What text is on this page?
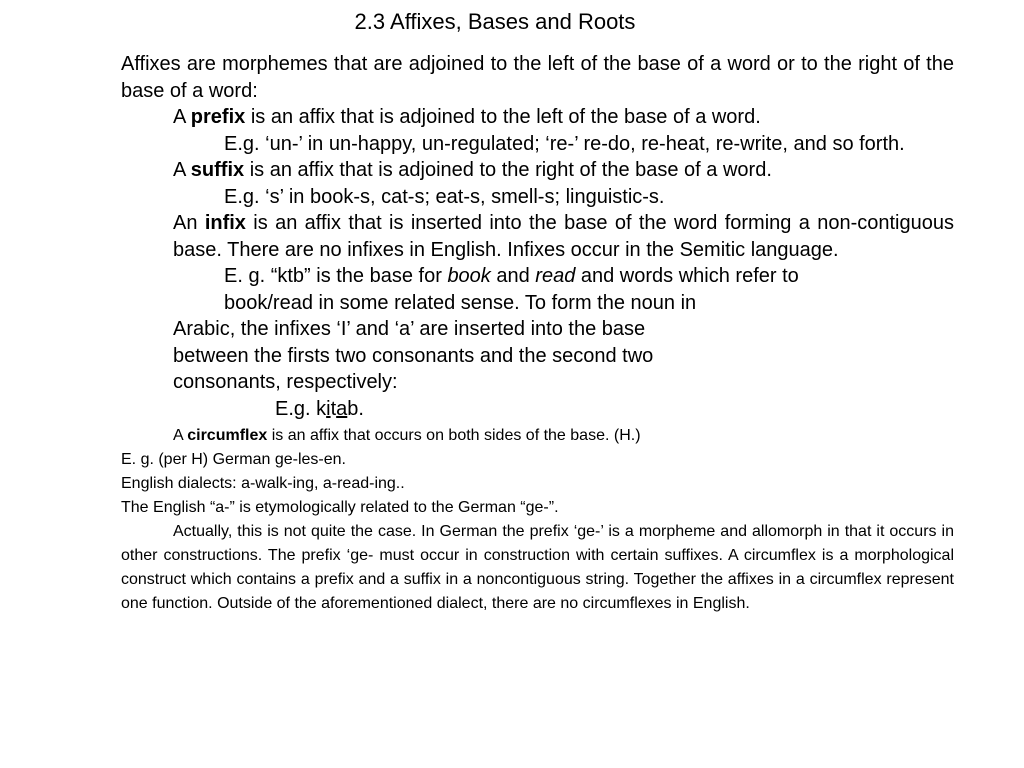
2.3 Affixes, Bases and Roots

Affixes are morphemes that are adjoined to the left of the base of a word or to the right of the base of a word:

A prefix is an affix that is adjoined to the left of the base of a word.

E.g. ‘un-’ in un-happy, un-regulated; ‘re-’ re-do, re-heat, re-write, and so forth.

A suffix is an affix that is adjoined to the right of the base of a word.

E.g. ‘s’ in book-s, cat-s; eat-s, smell-s; linguistic-s.

An infix is an affix that is inserted into the base of the word forming a non-contiguous base. There are no infixes in English. Infixes occur in the Semitic language.

E. g. “ktb” is the base for book and read and words which refer to

book/read in some related sense. To form the noun in

Arabic, the infixes ‘I’ and ‘a’ are inserted into the base

between the firsts two consonants and the second two

consonants, respectively:

E.g. kitab.

A circumflex is an affix that occurs on both sides of the base. (H.)

E. g. (per H) German ge-les-en.

English dialects: a-walk-ing, a-read-ing..

The English “a-” is etymologically related to the German “ge-”.

Actually, this is not quite the case. In German the prefix ‘ge-’ is a morpheme and allomorph in that it occurs in other constructions. The prefix ‘ge- must occur in construction with certain suffixes. A circumflex is a morphological construct which contains a prefix and a suffix in a noncontiguous string. Together the affixes in a circumflex represent one function. Outside of the aforementioned dialect, there are no circumflexes in English.
